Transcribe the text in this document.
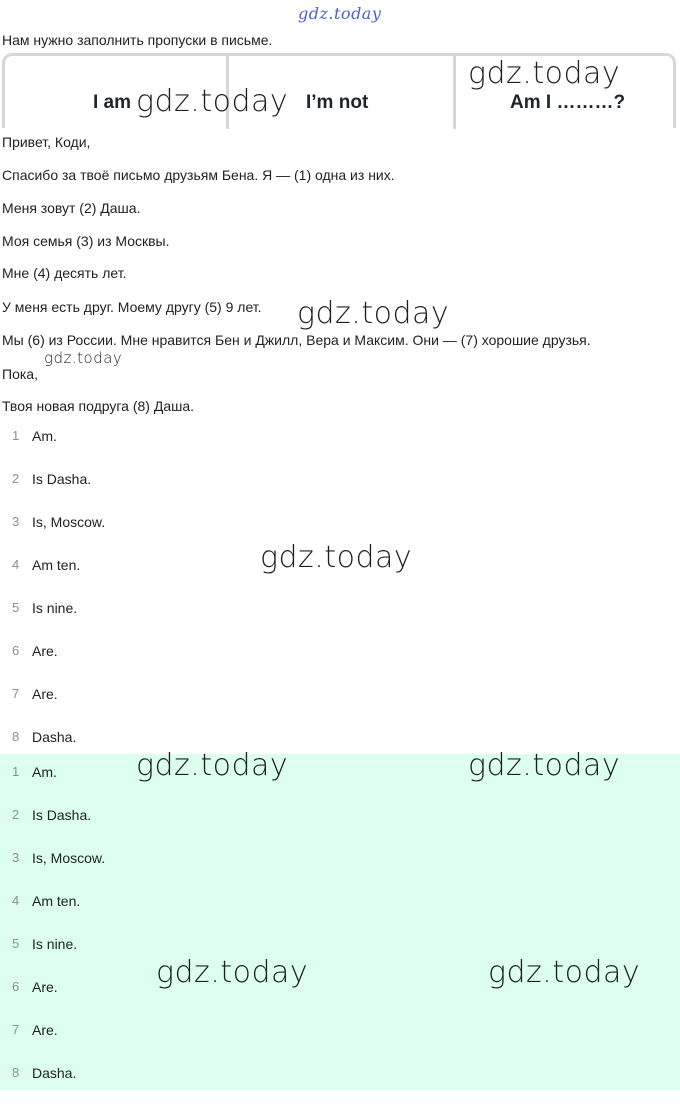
gdz.today
Нам нужно заполнить пропуски в письме.
I am	I’m not	Am I ………?
Привет, Коди,
Спасибо за твоё письмо друзьям Бена. Я — (1) одна из них.
Меня зовут (2) Даша.
Моя семья (3) из Москвы.
Мне (4) десять лет.
У меня есть друг. Моему другу (5) 9 лет.
Мы (6) из России. Мне нравится Бен и Джилл, Вера и Максим. Они — (7) хорошие друзья.
Пока,
Твоя новая подруга (8) Даша.
1 Am.
2 Is Dasha.
3 Is, Moscow.
4 Am ten.
5 Is nine.
6 Are.
7 Are.
8 Dasha.
1 Am.
2 Is Dasha.
3 Is, Moscow.
4 Am ten.
5 Is nine.
6 Are.
7 Are.
8 Dasha.
gdz.today
gdz.today
gdz.today
gdz.today
gdz.today
gdz.today	gdz.today
gdz.today	gdz.today
